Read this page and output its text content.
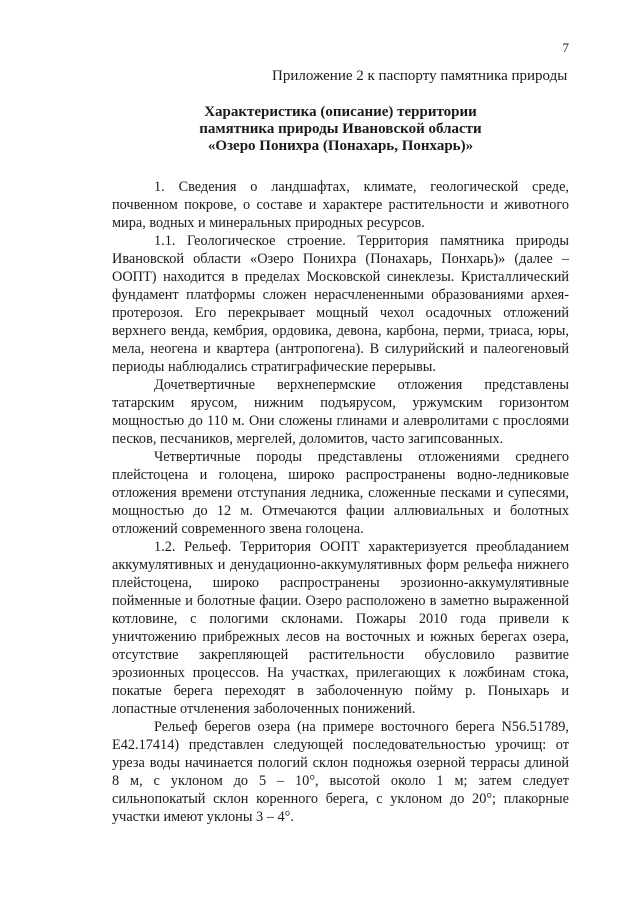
7

Приложение 2 к паспорту памятника природы

Характеристика (описание) территории
памятника природы Ивановской области
«Озеро Понихра (Понахарь, Понхарь)»

1. Сведения о ландшафтах, климате, геологической среде, почвенном покрове, о составе и характере растительности и животного мира, водных и минеральных природных ресурсов.

1.1. Геологическое строение. Территория памятника природы Ивановской области «Озеро Понихра (Понахарь, Понхарь)» (далее – ООПТ) находится в пределах Московской синеклезы. Кристаллический фундамент платформы сложен нерасчлененными образованиями архея-протерозоя. Его перекрывает мощный чехол осадочных отложений верхнего венда, кембрия, ордовика, девона, карбона, перми, триаса, юры, мела, неогена и квартера (антропогена). В силурийский и палеогеновый периоды наблюдались стратиграфические перерывы.

Дочетвертичные верхнепермские отложения представлены татарским ярусом, нижним подъярусом, уржумским горизонтом мощностью до 110 м. Они сложены глинами и алевролитами с прослоями песков, песчаников, мергелей, доломитов, часто загипсованных.

Четвертичные породы представлены отложениями среднего плейстоцена и голоцена, широко распространены водно-ледниковые отложения времени отступания ледника, сложенные песками и супесями, мощностью до 12 м. Отмечаются фации аллювиальных и болотных отложений современного звена голоцена.

1.2. Рельеф. Территория ООПТ характеризуется преобладанием аккумулятивных и денудационно-аккумулятивных форм рельефа нижнего плейстоцена, широко распространены эрозионно-аккумулятивные пойменные и болотные фации. Озеро расположено в заметно выраженной котловине, с пологими склонами. Пожары 2010 года привели к уничтожению прибрежных лесов на восточных и южных берегах озера, отсутствие закрепляющей растительности обусловило развитие эрозионных процессов. На участках, прилегающих к ложбинам стока, покатые берега переходят в заболоченную пойму р. Поныхарь и лопастные отчленения заболоченных понижений.

Рельеф берегов озера (на примере восточного берега N56.51789, E42.17414) представлен следующей последовательностью урочищ: от уреза воды начинается пологий склон подножья озерной террасы длиной 8 м, с уклоном до 5 – 10°, высотой около 1 м; затем следует сильнопокатый склон коренного берега, с уклоном до 20°; плакорные участки имеют уклоны 3 – 4°.
